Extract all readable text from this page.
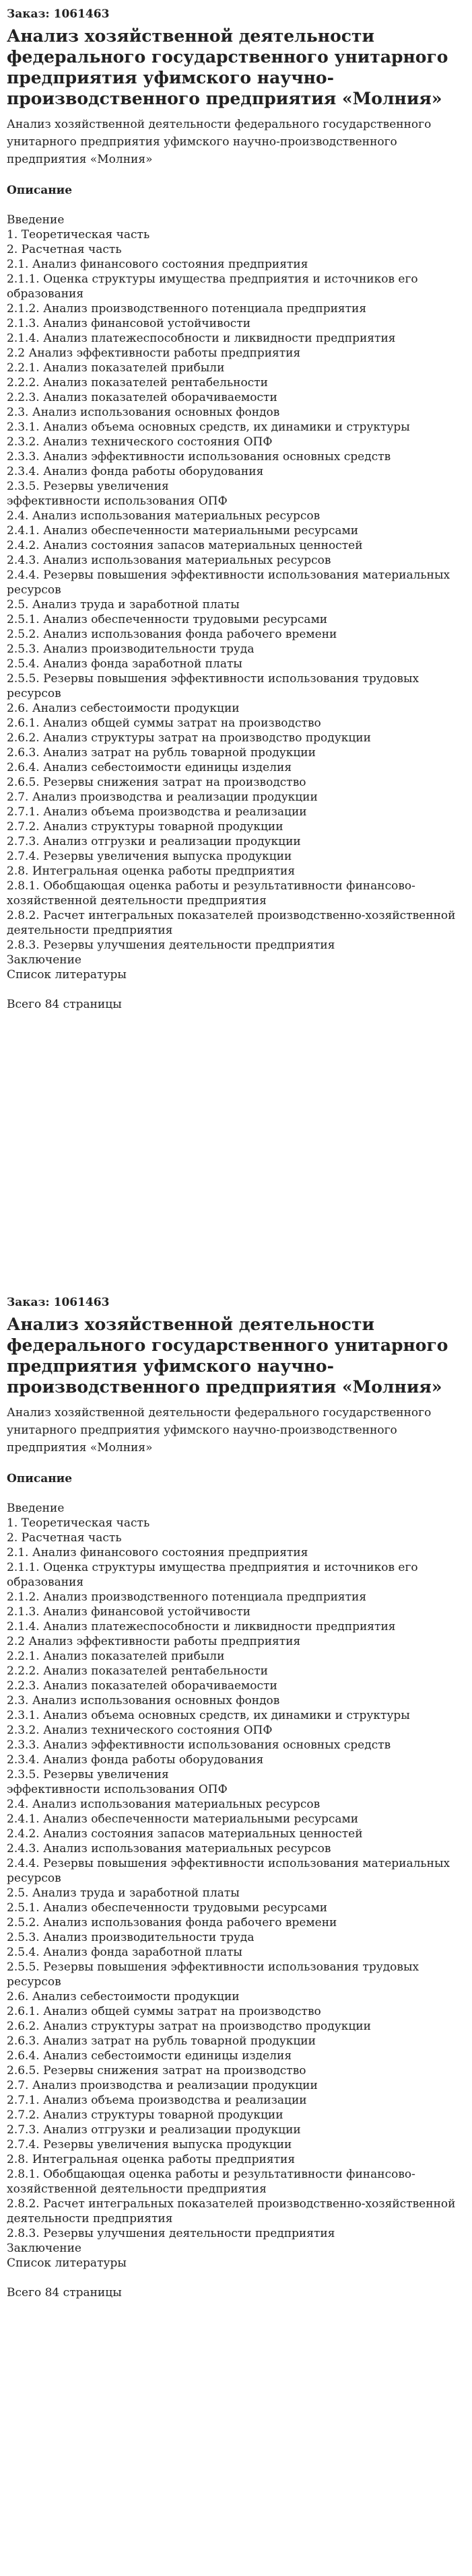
Заказ: 1061463
Анализ хозяйственной деятельности федерального государственного унитарного предприятия уфимского научно-производственного предприятия «Молния»
Анализ хозяйственной деятельности федерального государственного унитарного предприятия уфимского научно-производственного предприятия «Молния»
Описание
Введение
1. Теоретическая часть
2. Расчетная часть
2.1. Анализ финансового состояния предприятия
2.1.1. Оценка структуры имущества предприятия и источников его образования
2.1.2. Анализ производственного потенциала предприятия
2.1.3. Анализ финансовой устойчивости
2.1.4. Анализ платежеспособности и ликвидности предприятия
2.2 Анализ эффективности работы предприятия
2.2.1. Анализ показателей прибыли
2.2.2. Анализ показателей рентабельности
2.2.3. Анализ показателей оборачиваемости
2.3. Анализ использования основных фондов
2.3.1. Анализ объема основных средств, их динамики и структуры
2.3.2. Анализ технического состояния ОПФ
2.3.3. Анализ эффективности использования основных средств
2.3.4. Анализ фонда работы оборудования
2.3.5. Резервы увеличения
эффективности использования ОПФ
2.4. Анализ использования материальных ресурсов
2.4.1. Анализ обеспеченности материальными ресурсами
2.4.2. Анализ состояния запасов материальных ценностей
2.4.3. Анализ использования материальных ресурсов
2.4.4. Резервы повышения эффективности использования материальных ресурсов
2.5. Анализ труда и заработной платы
2.5.1. Анализ обеспеченности трудовыми ресурсами
2.5.2. Анализ использования фонда рабочего времени
2.5.3. Анализ производительности труда
2.5.4. Анализ фонда заработной платы
2.5.5. Резервы повышения эффективности использования трудовых ресурсов
2.6. Анализ себестоимости продукции
2.6.1. Анализ общей суммы затрат на производство
2.6.2. Анализ структуры затрат на производство продукции
2.6.3. Анализ затрат на рубль товарной продукции
2.6.4. Анализ себестоимости единицы изделия
2.6.5. Резервы снижения затрат на производство
2.7. Анализ производства и реализации продукции
2.7.1. Анализ объема производства и реализации
2.7.2. Анализ структуры товарной продукции
2.7.3. Анализ отгрузки и реализации продукции
2.7.4. Резервы увеличения выпуска продукции
2.8. Интегральная оценка работы предприятия
2.8.1. Обобщающая оценка работы и результативности финансово-хозяйственной деятельности предприятия
2.8.2. Расчет интегральных показателей производственно-хозяйственной
деятельности предприятия
2.8.3. Резервы улучшения деятельности предприятия
Заключение
Список литературы
Всего 84 страницы
Заказ: 1061463
Анализ хозяйственной деятельности федерального государственного унитарного предприятия уфимского научно-производственного предприятия «Молния»
Анализ хозяйственной деятельности федерального государственного унитарного предприятия уфимского научно-производственного предприятия «Молния»
Описание
Введение
1. Теоретическая часть
2. Расчетная часть
2.1. Анализ финансового состояния предприятия
2.1.1. Оценка структуры имущества предприятия и источников его образования
2.1.2. Анализ производственного потенциала предприятия
2.1.3. Анализ финансовой устойчивости
2.1.4. Анализ платежеспособности и ликвидности предприятия
2.2 Анализ эффективности работы предприятия
2.2.1. Анализ показателей прибыли
2.2.2. Анализ показателей рентабельности
2.2.3. Анализ показателей оборачиваемости
2.3. Анализ использования основных фондов
2.3.1. Анализ объема основных средств, их динамики и структуры
2.3.2. Анализ технического состояния ОПФ
2.3.3. Анализ эффективности использования основных средств
2.3.4. Анализ фонда работы оборудования
2.3.5. Резервы увеличения
эффективности использования ОПФ
2.4. Анализ использования материальных ресурсов
2.4.1. Анализ обеспеченности материальными ресурсами
2.4.2. Анализ состояния запасов материальных ценностей
2.4.3. Анализ использования материальных ресурсов
2.4.4. Резервы повышения эффективности использования материальных ресурсов
2.5. Анализ труда и заработной платы
2.5.1. Анализ обеспеченности трудовыми ресурсами
2.5.2. Анализ использования фонда рабочего времени
2.5.3. Анализ производительности труда
2.5.4. Анализ фонда заработной платы
2.5.5. Резервы повышения эффективности использования трудовых ресурсов
2.6. Анализ себестоимости продукции
2.6.1. Анализ общей суммы затрат на производство
2.6.2. Анализ структуры затрат на производство продукции
2.6.3. Анализ затрат на рубль товарной продукции
2.6.4. Анализ себестоимости единицы изделия
2.6.5. Резервы снижения затрат на производство
2.7. Анализ производства и реализации продукции
2.7.1. Анализ объема производства и реализации
2.7.2. Анализ структуры товарной продукции
2.7.3. Анализ отгрузки и реализации продукции
2.7.4. Резервы увеличения выпуска продукции
2.8. Интегральная оценка работы предприятия
2.8.1. Обобщающая оценка работы и результативности финансово-хозяйственной деятельности предприятия
2.8.2. Расчет интегральных показателей производственно-хозяйственной
деятельности предприятия
2.8.3. Резервы улучшения деятельности предприятия
Заключение
Список литературы
Всего 84 страницы
